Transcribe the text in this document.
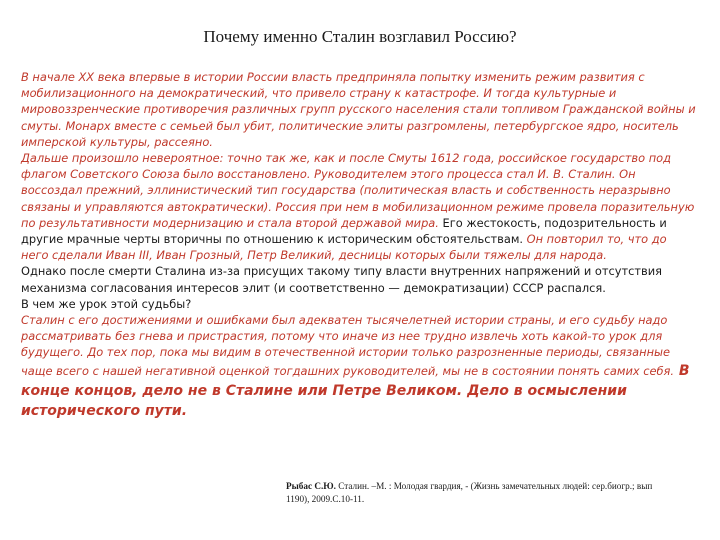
Почему именно Сталин возглавил Россию?
В начале XX века впервые в истории России власть предприняла попытку изменить режим развития с мобилизационного на демократический, что привело страну к катастрофе. И тогда культурные и мировоззренческие противоречия различных групп русского населения стали топливом Гражданской войны и смуты. Монарх вместе с семьей был убит, политические элиты разгромлены, петербургское ядро, носитель имперской культуры, рассеяно.
Дальше произошло невероятное: точно так же, как и после Смуты 1612 года, российское государство под флагом Советского Союза было восстановлено. Руководителем этого процесса стал И. В. Сталин. Он воссоздал прежний, эллинистический тип государства (политическая власть и собственность неразрывно связаны и управляются автократически). Россия при нем в мобилизационном режиме провела поразительную по результативности модернизацию и стала второй державой мира. Его жестокость, подозрительность и другие мрачные черты вторичны по отношению к историческим обстоятельствам. Он повторил то, что до него сделали Иван III, Иван Грозный, Петр Великий, десницы которых были тяжелы для народа.
Однако после смерти Сталина из-за присущих такому типу власти внутренних напряжений и отсутствия механизма согласования интересов элит (и соответственно — демократизации) СССР распался.
В чем же урок этой судьбы?
Сталин с его достижениями и ошибками был адекватен тысячелетней истории страны, и его судьбу надо рассматривать без гнева и пристрастия, потому что иначе из нее трудно извлечь хоть какой-то урок для будущего. До тех пор, пока мы видим в отечественной истории только разрозненные периоды, связанные чаще всего с нашей негативной оценкой тогдашних руководителей, мы не в состоянии понять самих себя. В конце концов, дело не в Сталине или Петре Великом. Дело в осмыслении исторического пути.
Рыбас С.Ю. Сталин. –М. : Молодая гвардия, - (Жизнь замечательных людей: сер.биогр.; вып 1190), 2009.С.10-11.
